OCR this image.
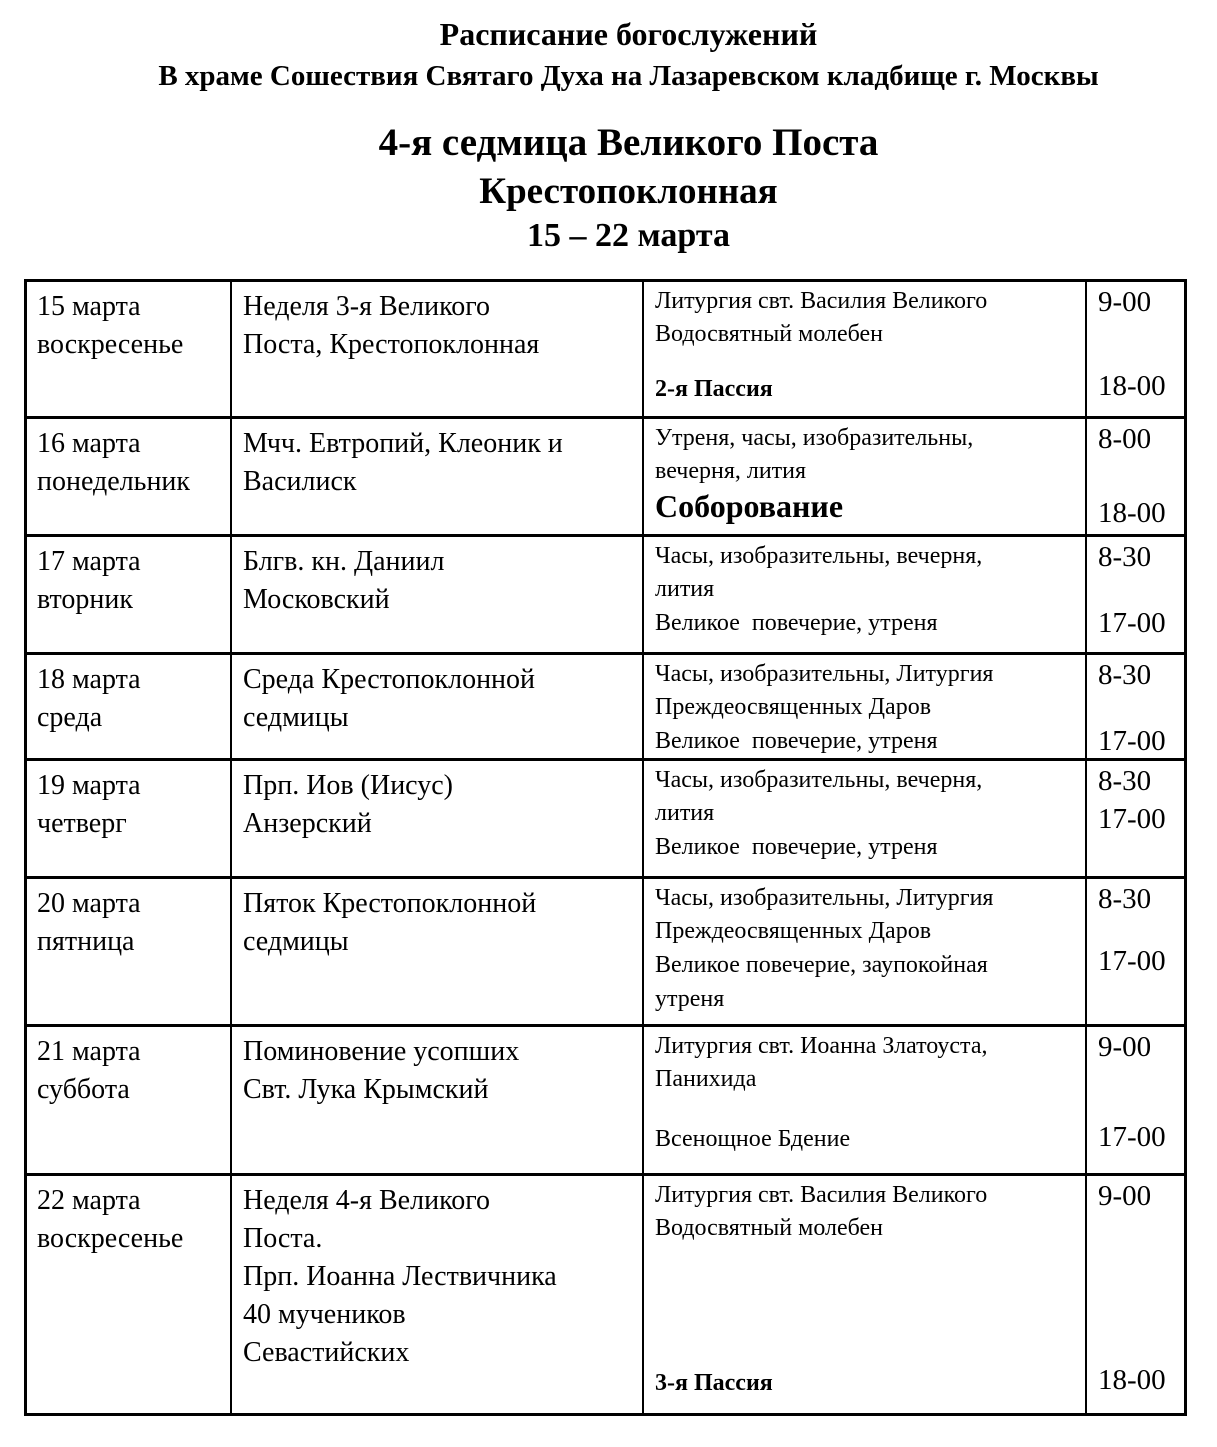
Расписание богослужений
В храме Сошествия Святаго Духа на Лазаревском кладбище г. Москвы
4-я седмица Великого Поста
Крестопоклонная
15 – 22 марта
15 марта
воскресенье
Неделя 3-я Великого
Поста, Крестопоклонная
Литургия свт. Василия Великого
Водосвятный молебен
2-я Пассия
9-00
18-00
16 марта
понедельник
Мчч. Евтропий, Клеоник и
Василиск
Утреня, часы, изобразительны,
вечерня, лития
Соборование
8-00
18-00
17 марта
вторник
Блгв. кн. Даниил
Московский
Часы, изобразительны, вечерня,
лития
Великое  повечерие, утреня
8-30
17-00
18 марта
среда
Среда Крестопоклонной
седмицы
Часы, изобразительны, Литургия
Преждеосвященных Даров
Великое  повечерие, утреня
8-30
17-00
19 марта
четверг
Прп. Иов (Иисус)
Анзерский
Часы, изобразительны, вечерня,
лития
Великое  повечерие, утреня
8-30
17-00
20 марта
пятница
Пяток Крестопоклонной
седмицы
Часы, изобразительны, Литургия
Преждеосвященных Даров
Великое повечерие, заупокойная
утреня
8-30
17-00
21 марта
суббота
Поминовение усопших
Свт. Лука Крымский
Литургия свт. Иоанна Златоуста,
Панихида
Всенощное Бдение
9-00
17-00
22 марта
воскресенье
Неделя 4-я Великого
Поста.
Прп. Иоанна Лествичника
40 мучеников
Севастийских
Литургия свт. Василия Великого
Водосвятный молебен
3-я Пассия
9-00
18-00
